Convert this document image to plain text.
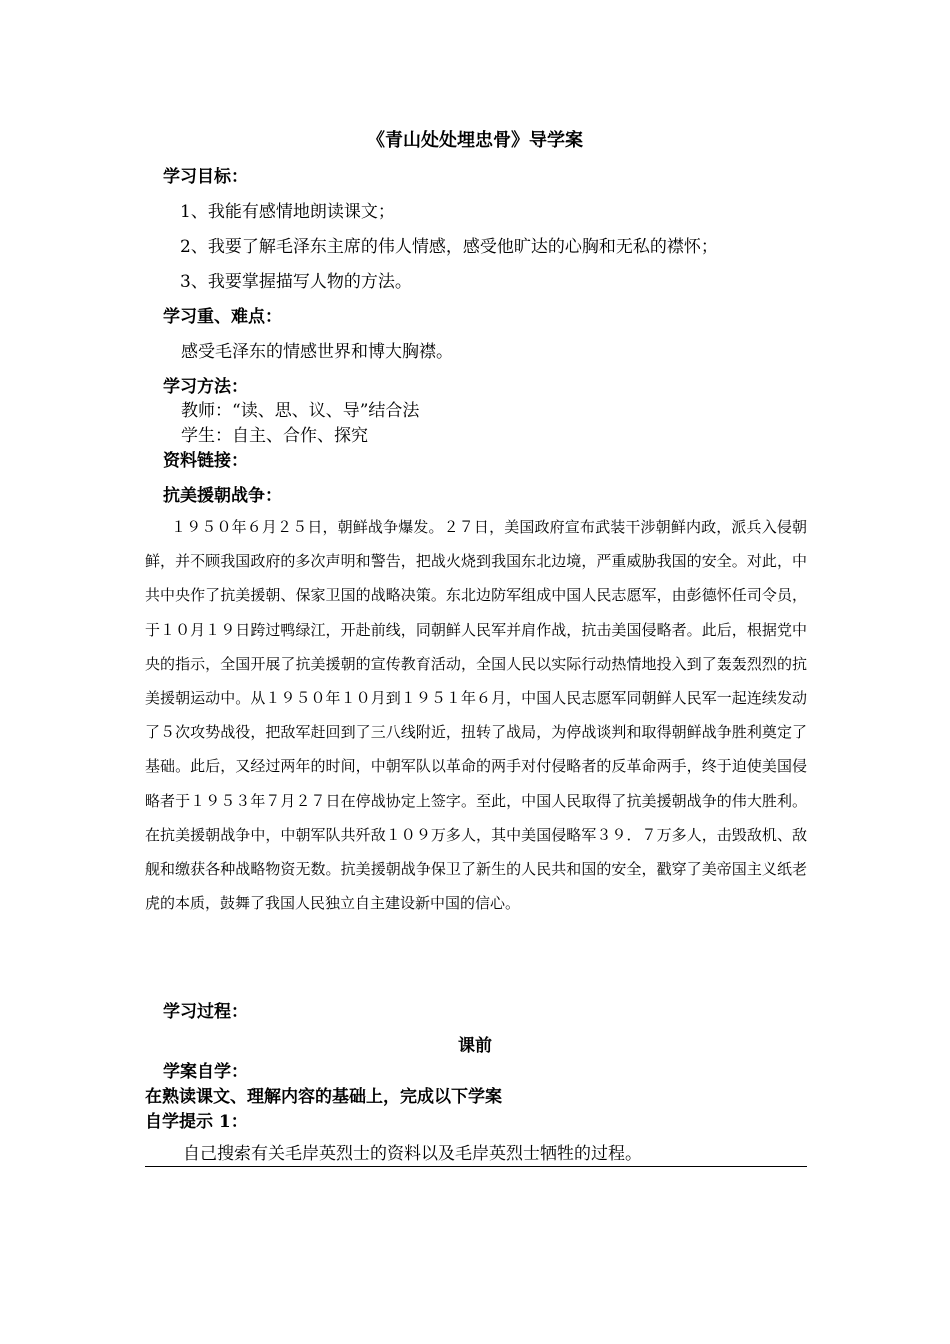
《青山处处埋忠骨》导学案
学习目标：
1、我能有感情地朗读课文；
2、我要了解毛泽东主席的伟人情感，感受他旷达的心胸和无私的襟怀；
3、我要掌握描写人物的方法。
学习重、难点：
感受毛泽东的情感世界和博大胸襟。
学习方法：
教师：“读、思、议、导”结合法
学生：自主、合作、探究
资料链接：
抗美援朝战争：

１９５０年６月２５日，朝鲜战争爆发。２７日，美国政府宣布武装干涉朝鲜内政，派兵入侵朝鲜，并不顾我国政府的多次声明和警告，把战火烧到我国东北边境，严重威胁我国的安全。对此，中共中央作了抗美援朝、保家卫国的战略决策。东北边防军组成中国人民志愿军，由彭德怀任司令员，于１０月１９日跨过鸭绿江，开赴前线，同朝鲜人民军并肩作战，抗击美国侵略者。此后，根据党中央的指示，全国开展了抗美援朝的宣传教育活动，全国人民以实际行动热情地投入到了轰轰烈烈的抗美援朝运动中。从１９５０年１０月到１９５１年６月，中国人民志愿军同朝鲜人民军一起连续发动了５次攻势战役，把敌军赶回到了三八线附近，扭转了战局，为停战谈判和取得朝鲜战争胜利奠定了基础。此后，又经过两年的时间，中朝军队以革命的两手对付侵略者的反革命两手，终于迫使美国侵略者于１９５３年７月２７日在停战协定上签字。至此，中国人民取得了抗美援朝战争的伟大胜利。在抗美援朝战争中，中朝军队共歼敌１０９万多人，其中美国侵略军３９．７万多人，击毁敌机、敌舰和缴获各种战略物资无数。抗美援朝战争保卫了新生的人民共和国的安全，戳穿了美帝国主义纸老虎的本质，鼓舞了我国人民独立自主建设新中国的信心。

学习过程：
课前
学案自学：
在熟读课文、理解内容的基础上，完成以下学案
自学提示 1：
自己搜索有关毛岸英烈士的资料以及毛岸英烈士牺牲的过程。
